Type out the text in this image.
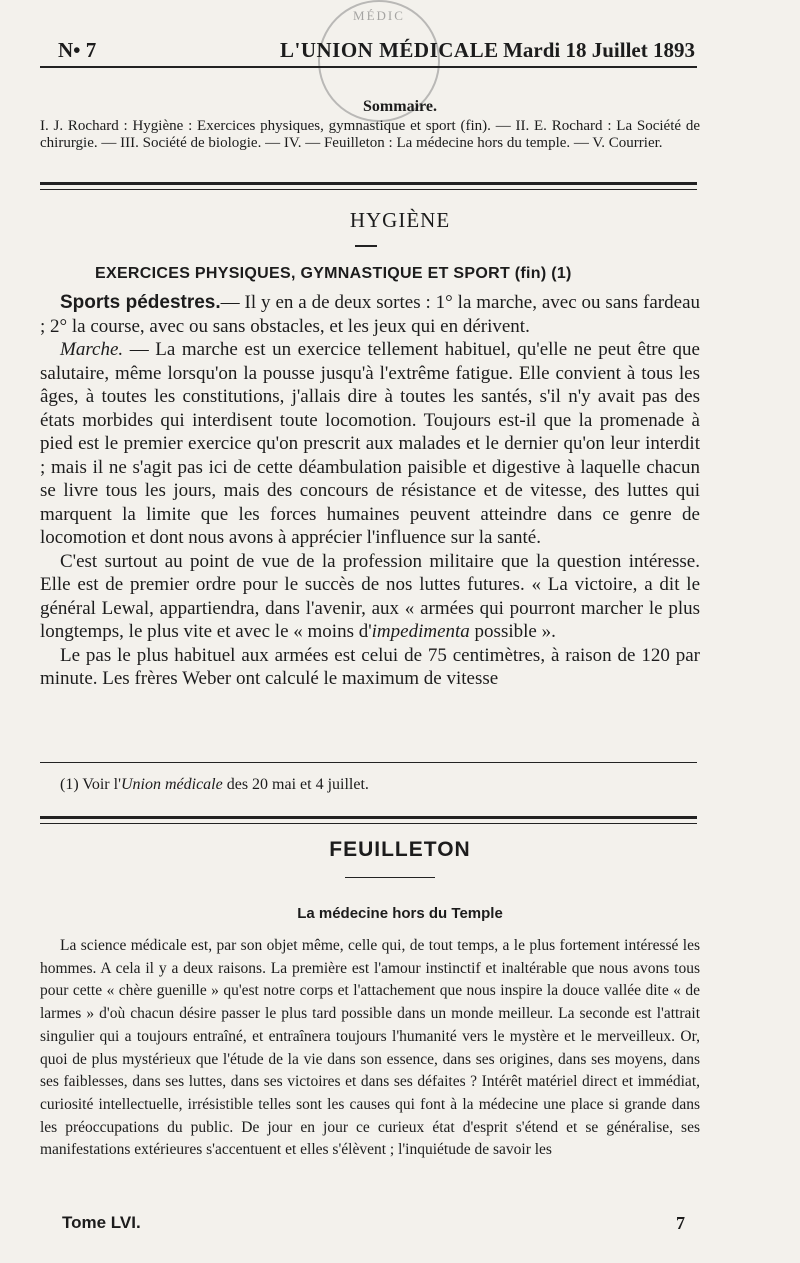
MÉDIC
N• 7	L'UNION MÉDICALE Mardi 18 Juillet 1893
Sommaire.
I. J. Rochard : Hygiène : Exercices physiques, gymnastique et sport (fin). — II. E. Rochard : La Société de chirurgie. — III. Société de biologie. — IV. — Feuilleton : La médecine hors du temple. — V. Courrier.
HYGIÈNE
EXERCICES PHYSIQUES, GYMNASTIQUE ET SPORT (fin) (1)

Sports pédestres.— Il y en a de deux sortes : 1° la marche, avec ou sans fardeau ; 2° la course, avec ou sans obstacles, et les jeux qui en dérivent.

Marche. — La marche est un exercice tellement habituel, qu'elle ne peut être que salutaire, même lorsqu'on la pousse jusqu'à l'extrême fatigue. Elle convient à tous les âges, à toutes les constitutions, j'allais dire à toutes les santés, s'il n'y avait pas des états morbides qui interdisent toute locomotion. Toujours est-il que la promenade à pied est le premier exercice qu'on prescrit aux malades et le dernier qu'on leur interdit ; mais il ne s'agit pas ici de cette déambulation paisible et digestive à laquelle chacun se livre tous les jours, mais des concours de résistance et de vitesse, des luttes qui marquent la limite que les forces humaines peuvent atteindre dans ce genre de locomotion et dont nous avons à apprécier l'influence sur la santé.

C'est surtout au point de vue de la profession militaire que la question intéresse. Elle est de premier ordre pour le succès de nos luttes futures. « La victoire, a dit le général Lewal, appartiendra, dans l'avenir, aux « armées qui pourront marcher le plus longtemps, le plus vite et avec le « moins d'impedimenta possible ».

Le pas le plus habituel aux armées est celui de 75 centimètres, à raison de 120 par minute. Les frères Weber ont calculé le maximum de vitesse

(1) Voir l'Union médicale des 20 mai et 4 juillet.
FEUILLETON
La médecine hors du Temple

La science médicale est, par son objet même, celle qui, de tout temps, a le plus fortement intéressé les hommes. A cela il y a deux raisons. La première est l'amour instinctif et inaltérable que nous avons tous pour cette « chère guenille » qu'est notre corps et l'attachement que nous inspire la douce vallée dite « de larmes » d'où chacun désire passer le plus tard possible dans un monde meilleur. La seconde est l'attrait singulier qui a toujours entraîné, et entraînera toujours l'humanité vers le mystère et le merveilleux. Or, quoi de plus mystérieux que l'étude de la vie dans son essence, dans ses origines, dans ses moyens, dans ses faiblesses, dans ses luttes, dans ses victoires et dans ses défaites ? Intérêt matériel direct et immédiat, curiosité intellectuelle, irrésistible telles sont les causes qui font à la médecine une place si grande dans les préoccupations du public. De jour en jour ce curieux état d'esprit s'étend et se généralise, ses manifestations extérieures s'accentuent et elles s'élèvent ; l'inquiétude de savoir les

Tome LVI.	7
